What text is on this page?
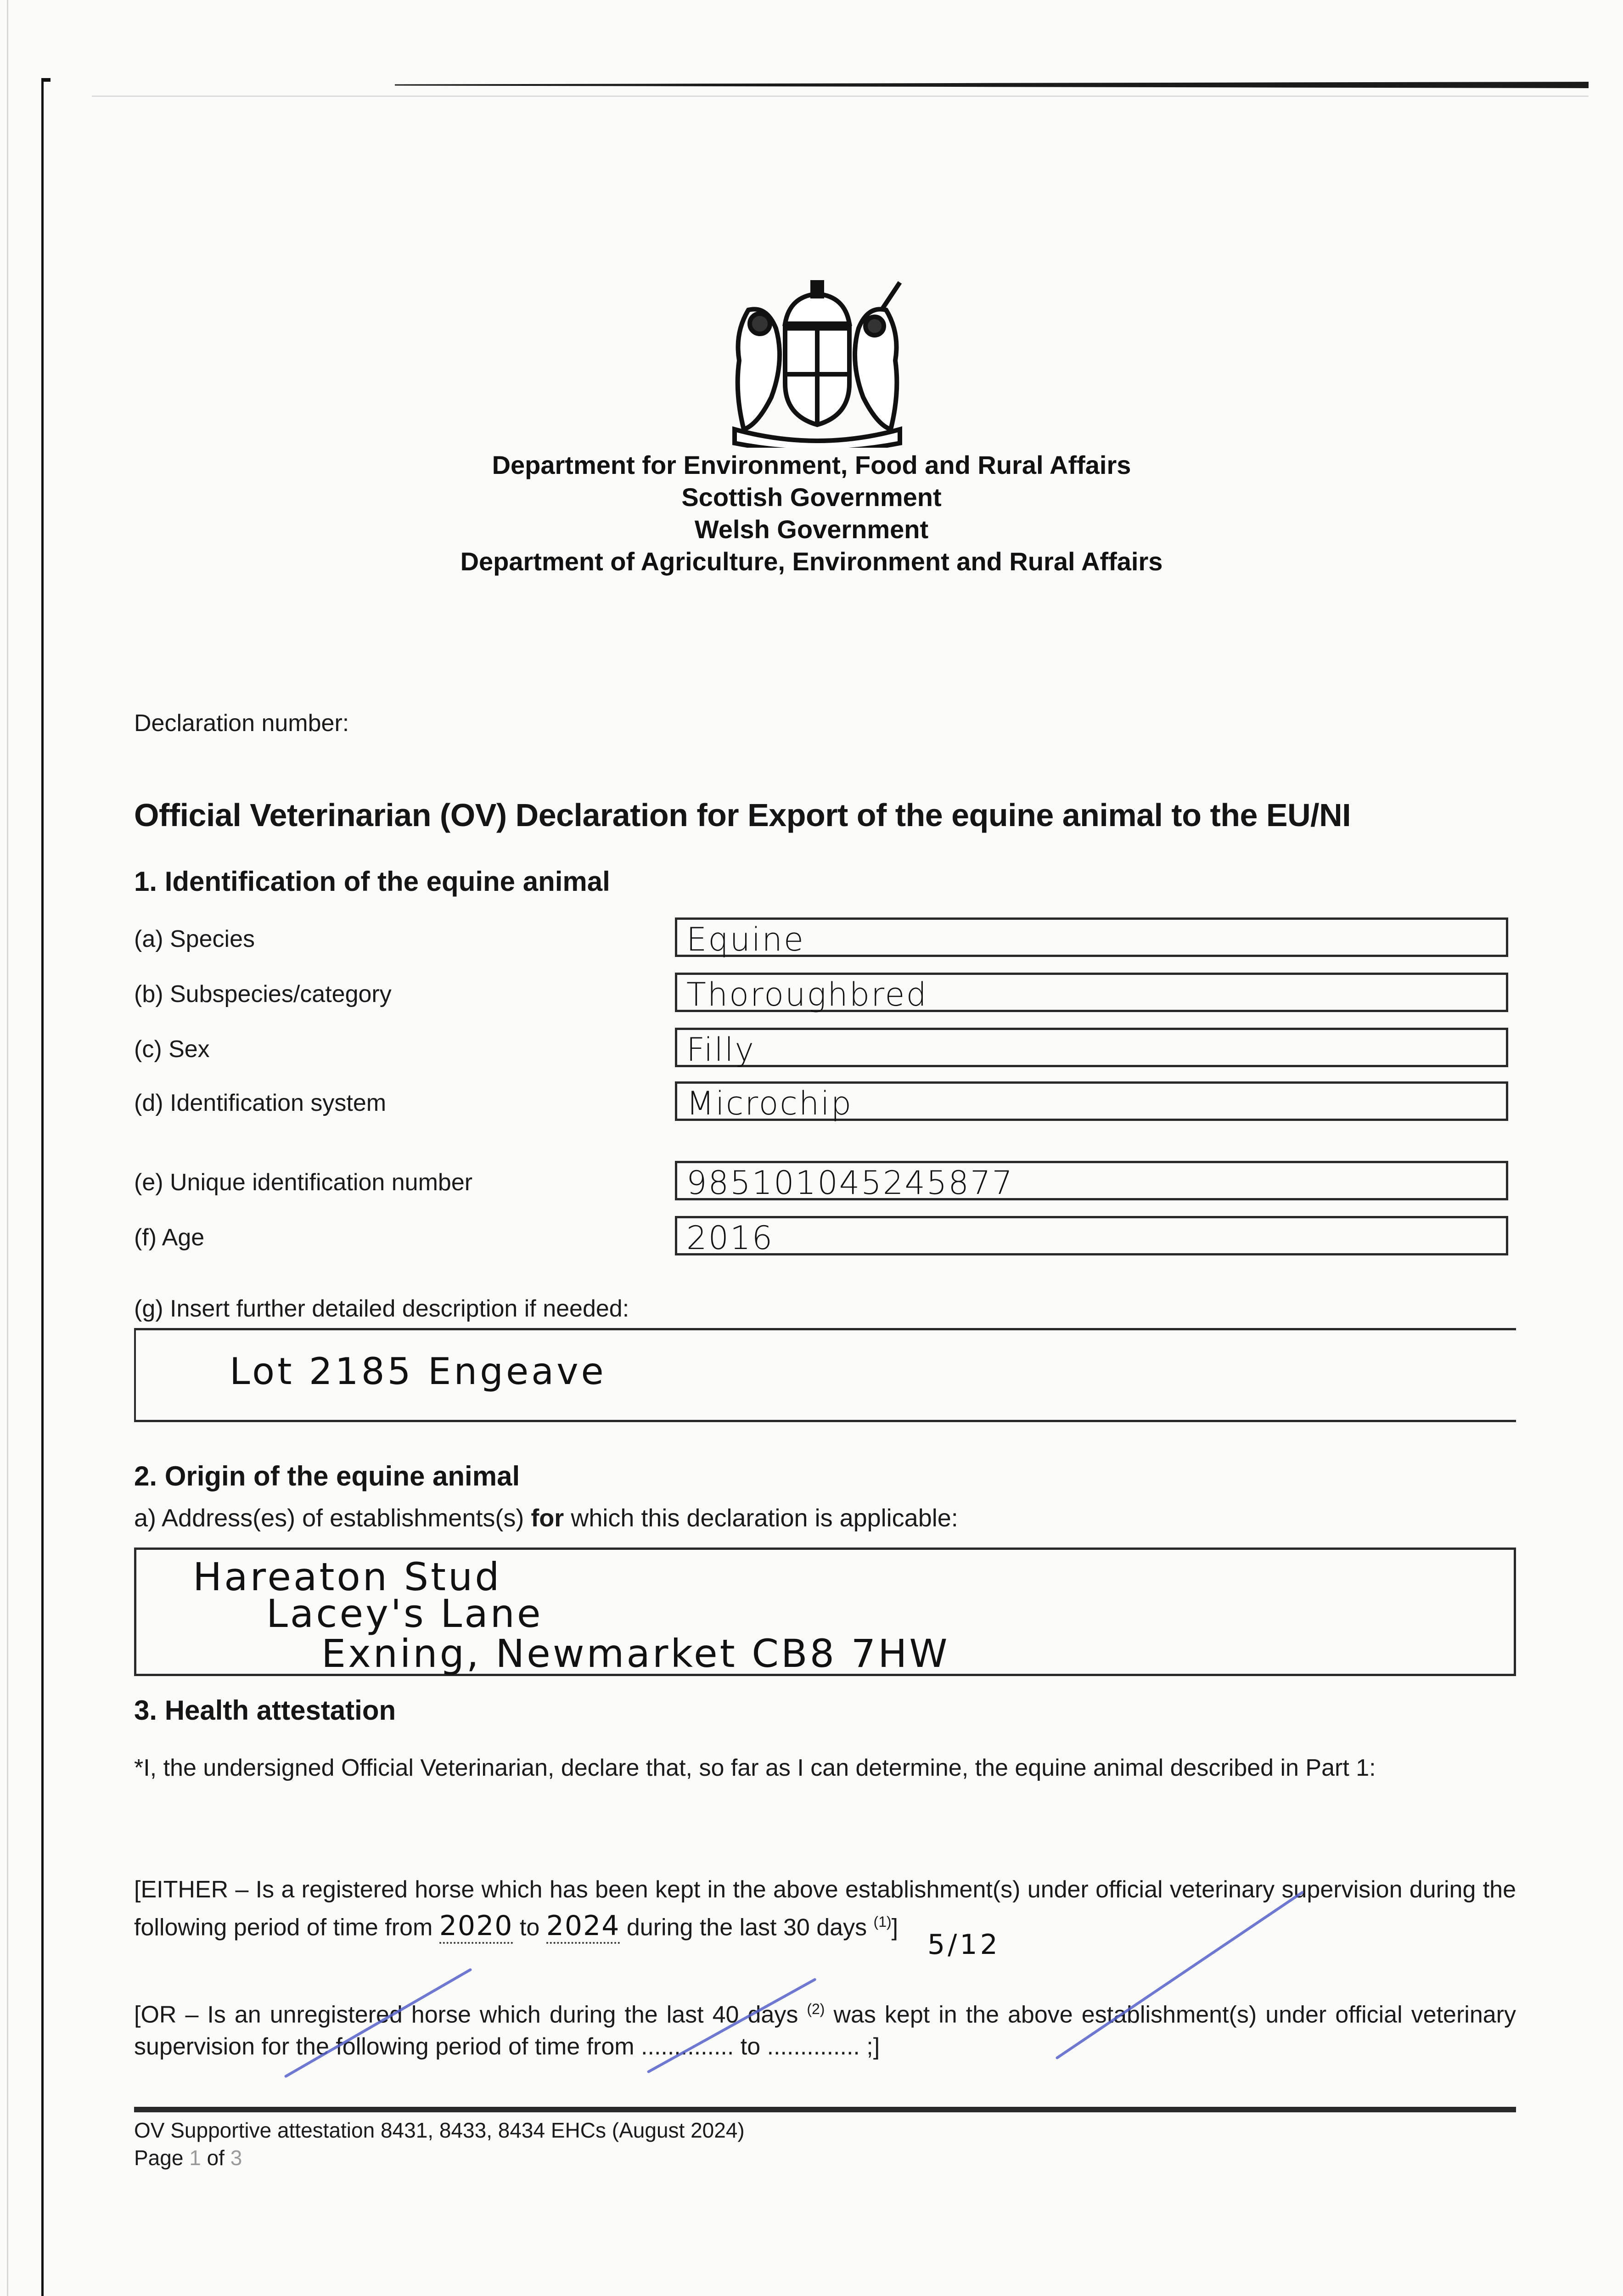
Department for Environment, Food and Rural Affairs
Scottish Government
Welsh Government
Department of Agriculture, Environment and Rural Affairs
Declaration number:
Official Veterinarian (OV) Declaration for Export of the equine animal to the EU/NI
1. Identification of the equine animal
(a) Species	Equine
(b) Subspecies/category	Thoroughbred
(c) Sex	Filly
(d) Identification system	Microchip
(e) Unique identification number	985101045245877
(f) Age	2016
(g) Insert further detailed description if needed:
Lot 2185 Engeave
2. Origin of the equine animal
a) Address(es) of establishments(s) for which this declaration is applicable:
Hareaton Stud
Lacey's Lane
Exning, Newmarket CB8 7HW
3. Health attestation
*I, the undersigned Official Veterinarian, declare that, so far as I can determine, the equine animal described in Part 1:
[EITHER – Is a registered horse which has been kept in the above establishment(s) under official veterinary supervision during the following period of time from 2020 to 2024 during the last 30 days $^{(1)}$]
5/12
[OR – Is an unregistered horse which during the last 40 days $^{(2)}$ was kept in the above establishment(s) under official veterinary supervision for the following period of time from .............. to .............. ;]
OV Supportive attestation 8431, 8433, 8434 EHCs (August 2024)
Page 1 of 3
